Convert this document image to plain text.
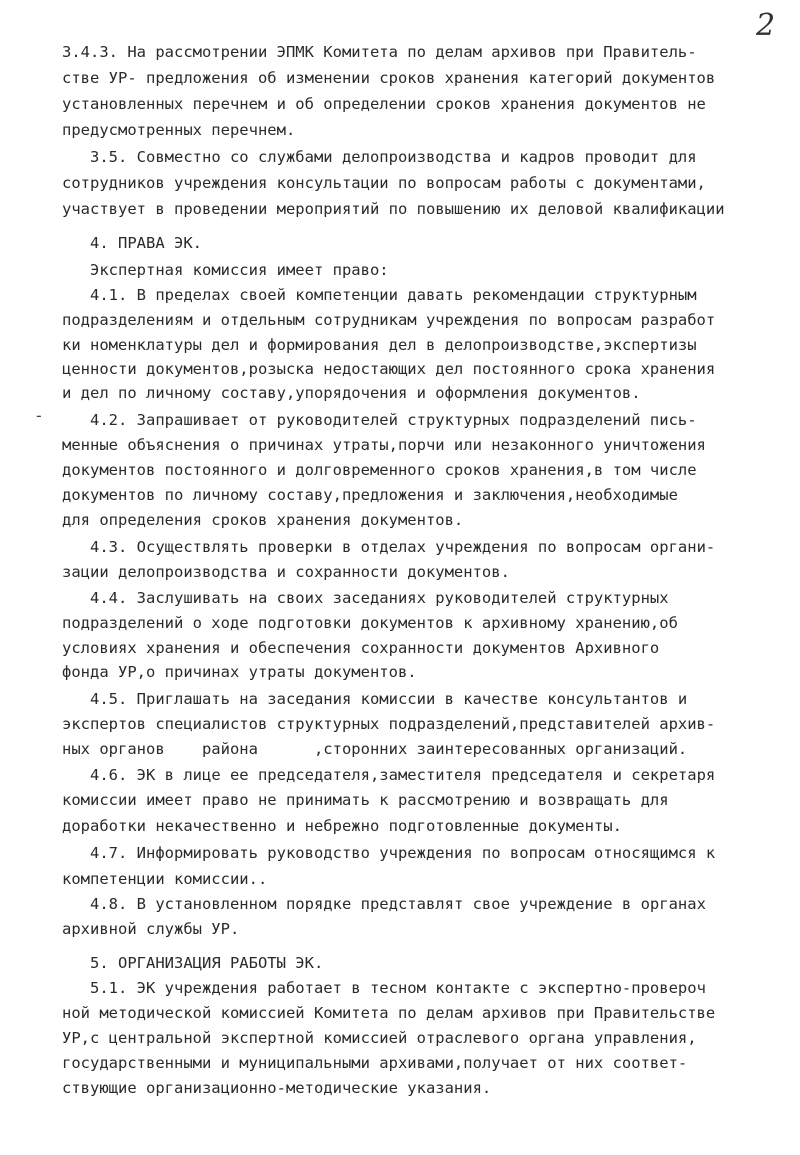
2
-
3.4.3. На рассмотрении ЭПМК Комитета по делам архивов при Правитель-
стве УР- предложения об изменении сроков хранения категорий документов
установленных перечнем и об определении сроков хранения документов не
предусмотренных перечнем.
3.5. Совместно со службами делопроизводства и кадров проводит для
сотрудников учреждения консультации по вопросам работы с документами,
участвует в проведении мероприятий по повышению их деловой квалификации
4. ПРАВА ЭК.
Экспертная комиссия имеет право:
4.1. В пределах своей компетенции давать рекомендации структурным
подразделениям и отдельным сотрудникам учреждения по вопросам разработ
ки номенклатуры дел и формирования дел в делопроизводстве,экспертизы
ценности документов,розыска недостающих дел постоянного срока хранения
и дел по личному составу,упорядочения и оформления документов.
4.2. Запрашивает от руководителей структурных подразделений пись-
менные объяснения о причинах утраты,порчи или незаконного уничтожения
документов постоянного и долговременного сроков хранения,в том числе
документов по личному составу,предложения и заключения,необходимые
для определения сроков хранения документов.
4.3. Осуществлять проверки в отделах учреждения по вопросам органи-
зации делопроизводства и сохранности документов.
4.4. Заслушивать на своих заседаниях руководителей структурных
подразделений о ходе подготовки документов к архивному хранению,об
условиях хранения и обеспечения сохранности документов Архивного
фонда УР,о причинах утраты документов.
4.5. Приглашать на заседания комиссии в качестве консультантов и
экспертов специалистов структурных подразделений,представителей архив-
ных органов    района      ,сторонних заинтересованных организаций.
4.6. ЭК в лице ее председателя,заместителя председателя и секретаря
комиссии имеет право не принимать к рассмотрению и возвращать для
доработки некачественно и небрежно подготовленные документы.
4.7. Информировать руководство учреждения по вопросам относящимся к
компетенции комиссии..
4.8. В установленном порядке представлят свое учреждение в органах
архивной службы УР.
5. ОРГАНИЗАЦИЯ РАБОТЫ ЭК.
5.1. ЭК учреждения работает в тесном контакте с экспертно-провероч
ной методической комиссией Комитета по делам архивов при Правительстве
УР,с центральной экспертной комиссией отраслевого органа управления,
государственными и муниципальными архивами,получает от них соответ-
ствующие организационно-методические указания.
